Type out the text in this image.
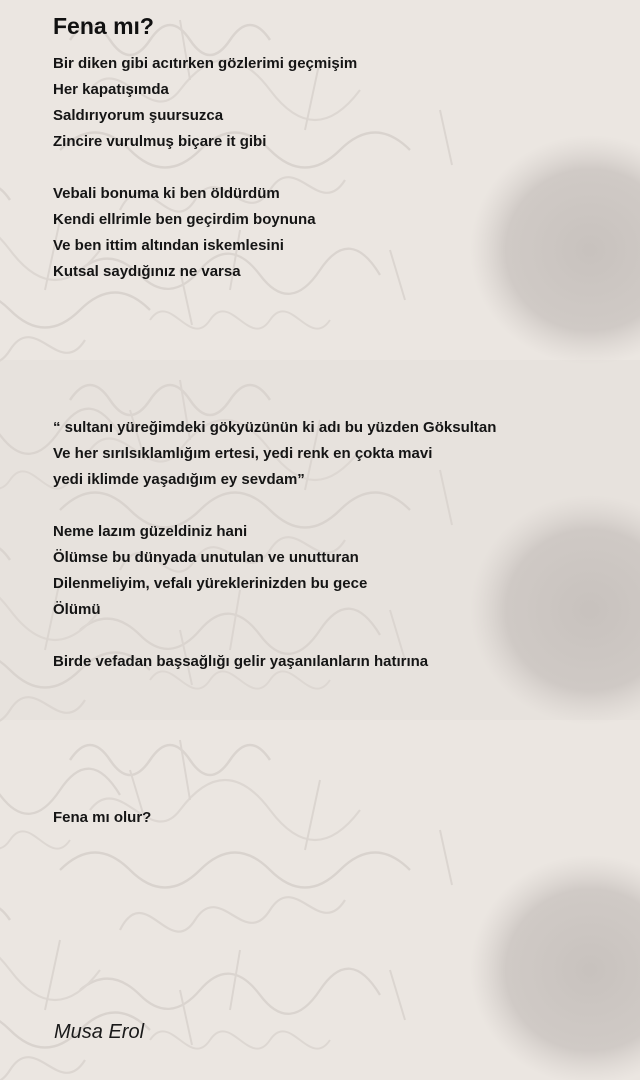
Fena mı?
Bir diken gibi acıtırken gözlerimi geçmişim
Her kapatışımda
Saldırıyorum şuursuzca
Zincire vurulmuş biçare it gibi
Vebali bonuma ki ben öldürdüm
Kendi ellrimle ben geçirdim boynuna
Ve ben ittim altından iskemlesini
Kutsal saydığınız ne varsa
“ sultanı yüreğimdeki gökyüzünün ki adı bu yüzden Göksultan
Ve her sırılsıklamlığım ertesi, yedi renk en çokta mavi
yedi iklimde yaşadığım ey sevdam”
Neme lazım güzeldiniz hani
Ölümse bu dünyada unutulan ve unutturan
Dilenmeliyim, vefalı yüreklerinizden bu gece
Ölümü
Birde vefadan başsağlığı gelir yaşanılanların hatırına
Fena mı olur?
Musa Erol
